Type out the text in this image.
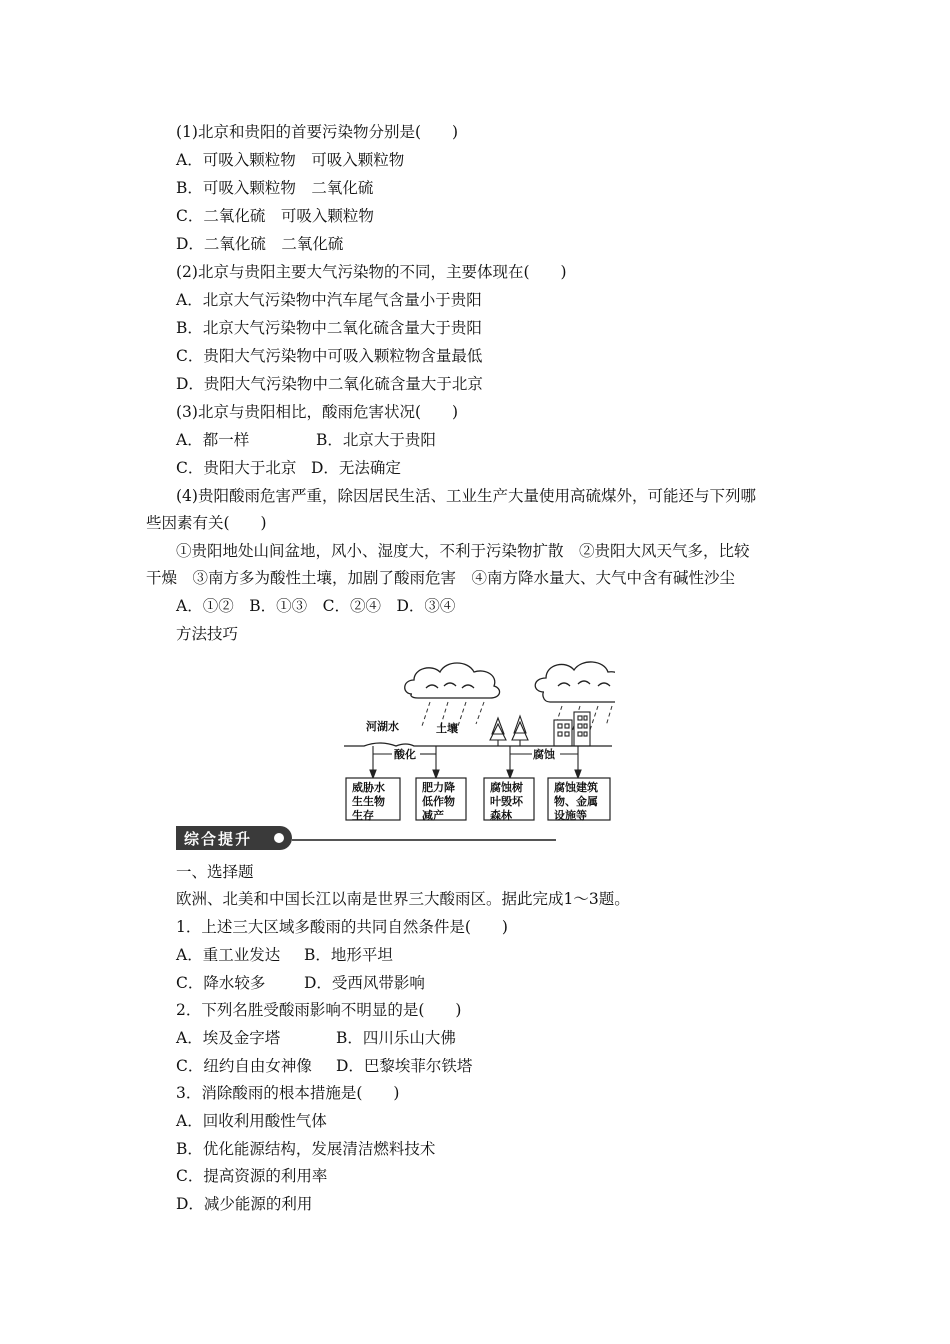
(1)北京和贵阳的首要污染物分别是(　　)
A．可吸入颗粒物　可吸入颗粒物
B．可吸入颗粒物　二氧化硫
C．二氧化硫　可吸入颗粒物
D．二氧化硫　二氧化硫
(2)北京与贵阳主要大气污染物的不同，主要体现在(　　)
A．北京大气污染物中汽车尾气含量小于贵阳
B．北京大气污染物中二氧化硫含量大于贵阳
C．贵阳大气污染物中可吸入颗粒物含量最低
D．贵阳大气污染物中二氧化硫含量大于北京
(3)北京与贵阳相比，酸雨危害状况(　　)
A．都一样	B．北京大于贵阳
C．贵阳大于北京 D．无法确定
(4)贵阳酸雨危害严重，除因居民生活、工业生产大量使用高硫煤外，可能还与下列哪
些因素有关(　　)
①贵阳地处山间盆地，风小、湿度大，不利于污染物扩散　②贵阳大风天气多，比较
干燥　③南方多为酸性土壤，加剧了酸雨危害　④南方降水量大、大气中含有碱性沙尘
A．①②　B．①③　C．②④　D．③④
方法技巧
河湖水	土壤
酸化	腐蚀
威胁水
生生物
生存
肥力降
低作物
减产
腐蚀树
叶毁坏
森林
腐蚀建筑
物、金属
设施等
综合提升
一、选择题
欧洲、北美和中国长江以南是世界三大酸雨区。据此完成1～3题。
1．上述三大区域多酸雨的共同自然条件是(　　)
A．重工业发达 B．地形平坦
C．降水较多 D．受西风带影响
2．下列名胜受酸雨影响不明显的是(　　)
A．埃及金字塔	B．四川乐山大佛
C．纽约自由女神像 D．巴黎埃菲尔铁塔
3．消除酸雨的根本措施是(　　)
A．回收利用酸性气体
B．优化能源结构，发展清洁燃料技术
C．提高资源的利用率
D．减少能源的利用
